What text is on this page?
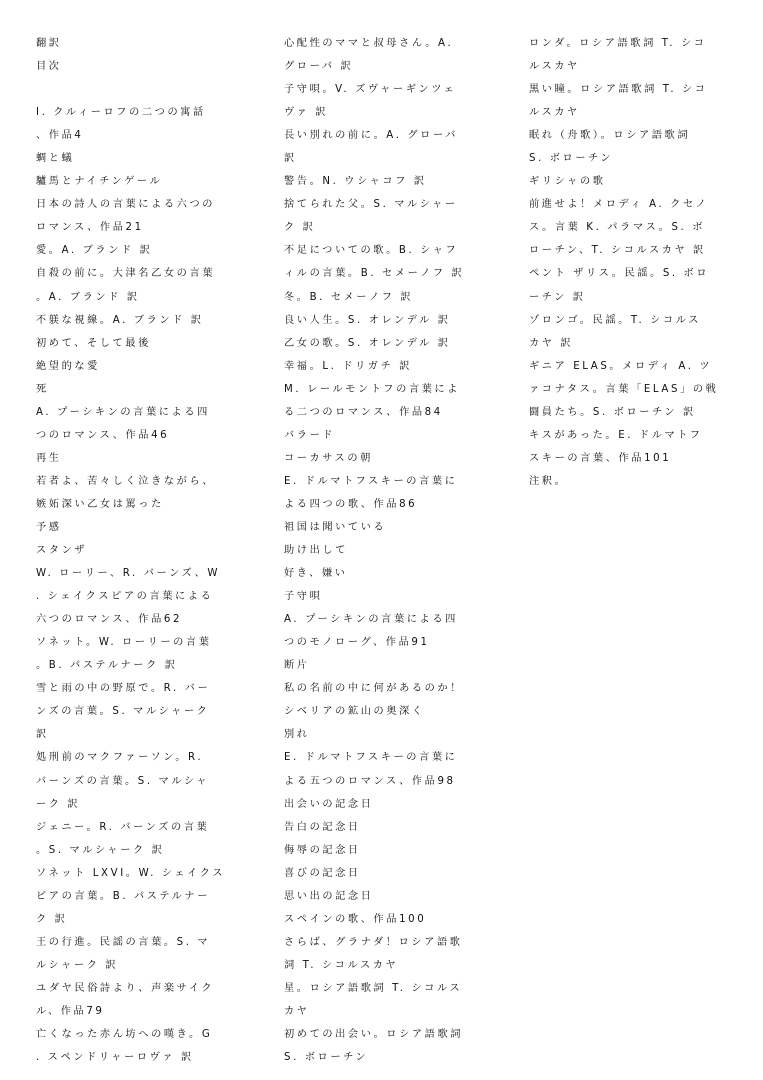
翻訳
目次
I. クルィーロフの二つの寓話
、作品4
蜩と蟻
驢馬とナイチンゲール
日本の詩人の言葉による六つの
ロマンス、作品21
愛。A. ブランド 訳
自殺の前に。大津名乙女の言葉
。A. ブランド 訳
不躾な視線。A. ブランド 訳
初めて、そして最後
絶望的な愛
死
A. プーシキンの言葉による四
つのロマンス、作品46
再生
若者よ、苦々しく泣きながら、
嫉妬深い乙女は罵った
予感
スタンザ
W. ローリー、R. バーンズ、W
. シェイクスピアの言葉による
六つのロマンス、作品62
ソネット。W. ローリーの言葉
。B. パステルナーク 訳
雪と雨の中の野原で。R. バー
ンズの言葉。S. マルシャーク
訳
処刑前のマクファーソン。R.
バーンズの言葉。S. マルシャ
ーク 訳
ジェニー。R. バーンズの言葉
。S. マルシャーク 訳
ソネット LXVI。W. シェイクス
ピアの言葉。B. パステルナー
ク 訳
王の行進。民謡の言葉。S. マ
ルシャーク 訳
ユダヤ民俗詩より、声楽サイク
ル、作品79
亡くなった赤ん坊への嘆き。G
. スペンドリャーロヴァ 訳
心配性のママと叔母さん。A.
グローバ 訳
子守唄。V. ズヴャーギンツェ
ヴァ 訳
長い別れの前に。A. グローバ
訳
警告。N. ウシャコフ 訳
捨てられた父。S. マルシャー
ク 訳
不足についての歌。B. シャフ
ィルの言葉。B. セメーノフ 訳
冬。B. セメーノフ 訳
良い人生。S. オレンデル 訳
乙女の歌。S. オレンデル 訳
幸福。L. ドリガチ 訳
M. レールモントフの言葉によ
る二つのロマンス、作品84
バラード
コーカサスの朝
E. ドルマトフスキーの言葉に
よる四つの歌、作品86
祖国は聞いている
助け出して
好き、嫌い
子守唄
A. プーシキンの言葉による四
つのモノローグ、作品91
断片
私の名前の中に何があるのか！
シベリアの鉱山の奥深く
別れ
E. ドルマトフスキーの言葉に
よる五つのロマンス、作品98
出会いの記念日
告白の記念日
侮辱の記念日
喜びの記念日
思い出の記念日
スペインの歌、作品100
さらば、グラナダ！ロシア語歌
詞 T. シコルスカヤ
星。ロシア語歌詞 T. シコルス
カヤ
初めての出会い。ロシア語歌詞
S. ボローチン
ロンダ。ロシア語歌詞 T. シコ
ルスカヤ
黒い瞳。ロシア語歌詞 T. シコ
ルスカヤ
眠れ（舟歌）。ロシア語歌詞
S. ボローチン
ギリシャの歌
前進せよ！メロディ A. クセノ
ス。言葉 K. パラマス。S. ボ
ローチン、T. シコルスカヤ 訳
ペント ザリス。民謡。S. ボロ
ーチン 訳
ゾロンゴ。民謡。T. シコルス
カヤ 訳
ギニア ELAS。メロディ A. ツ
ァコナタス。言葉「ELAS」の戦
闘員たち。S. ボローチン 訳
キスがあった。E. ドルマトフ
スキーの言葉、作品101
注釈。
